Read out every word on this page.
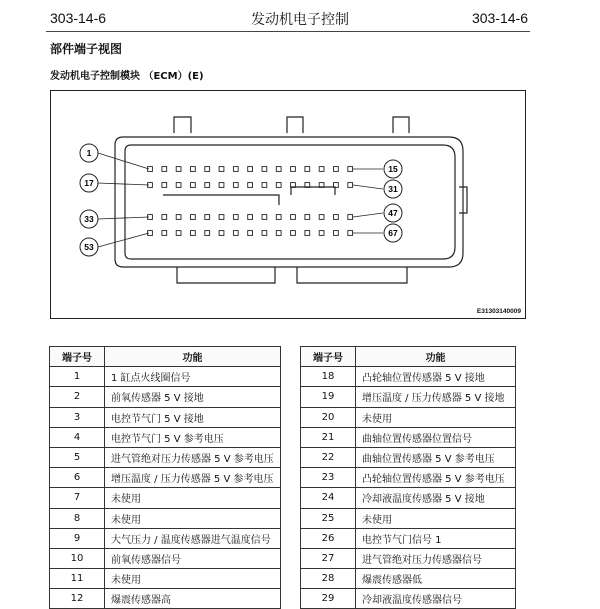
303-14-6	发动机电子控制	303-14-6
部件端子视图
发动机电子控制模块 （ECM）(E)
1
15
17
31
33
47
53
67
E31303140009
端子号	功能
1	1 缸点火线圈信号
2	前氧传感器 5 V 接地
3	电控节气门 5 V 接地
4	电控节气门 5 V 参考电压
5	进气管绝对压力传感器 5 V 参考电压
6	增压温度 / 压力传感器 5 V 参考电压
7	未使用
8	未使用
9	大气压力 / 温度传感器进气温度信号
10	前氧传感器信号
11	未使用
12	爆震传感器高
端子号	功能
18	凸轮轴位置传感器 5 V 接地
19	增压温度 / 压力传感器 5 V 接地
20	未使用
21	曲轴位置传感器位置信号
22	曲轴位置传感器 5 V 参考电压
23	凸轮轴位置传感器 5 V 参考电压
24	冷却液温度传感器 5 V 接地
25	未使用
26	电控节气门信号 1
27	进气管绝对压力传感器信号
28	爆震传感器低
29	冷却液温度传感器信号
